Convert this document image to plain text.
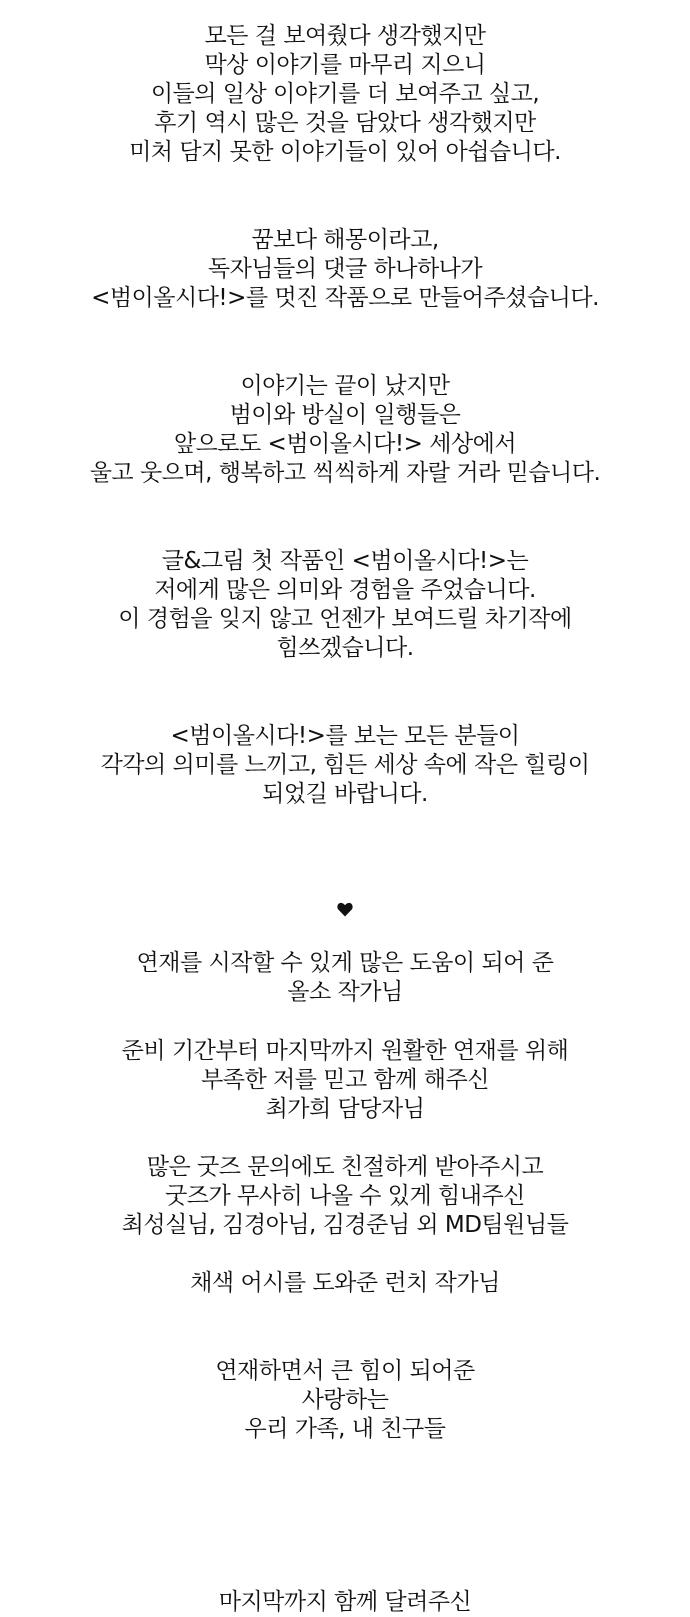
모든 걸 보여줬다 생각했지만
막상 이야기를 마무리 지으니
이들의 일상 이야기를 더 보여주고 싶고,
후기 역시 많은 것을 담았다 생각했지만
미처 담지 못한 이야기들이 있어 아쉽습니다.
꿈보다 해몽이라고,
독자님들의 댓글 하나하나가
<범이올시다!>를 멋진 작품으로 만들어주셨습니다.
이야기는 끝이 났지만
범이와 방실이 일행들은
앞으로도 <범이올시다!> 세상에서
울고 웃으며, 행복하고 씩씩하게 자랄 거라 믿습니다.
글&그림 첫 작품인 <범이올시다!>는
저에게 많은 의미와 경험을 주었습니다.
이 경험을 잊지 않고 언젠가 보여드릴 차기작에
힘쓰겠습니다.
<범이올시다!>를 보는 모든 분들이
각각의 의미를 느끼고, 힘든 세상 속에 작은 힐링이
되었길 바랍니다.
연재를 시작할 수 있게 많은 도움이 되어 준
올소 작가님
준비 기간부터 마지막까지 원활한 연재를 위해
부족한 저를 믿고 함께 해주신
최가희 담당자님
많은 굿즈 문의에도 친절하게 받아주시고
굿즈가 무사히 나올 수 있게 힘내주신
최성실님, 김경아님, 김경준님 외 MD팀원님들
채색 어시를 도와준 런치 작가님
연재하면서 큰 힘이 되어준
사랑하는
우리 가족, 내 친구들
마지막까지 함께 달려주신
